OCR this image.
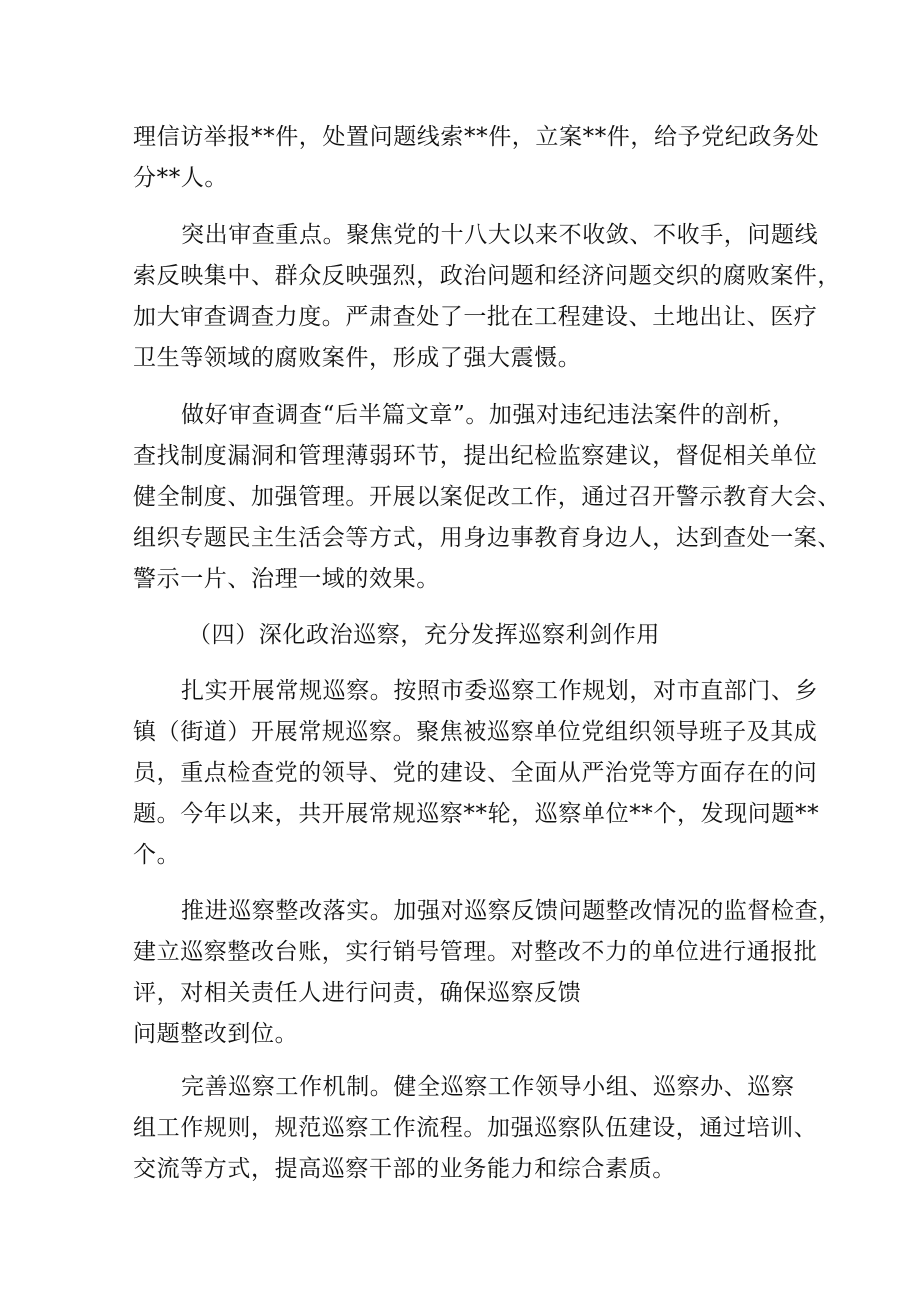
理信访举报**件，处置问题线索**件，立案**件，给予党纪政务处
分**人。
突出审查重点。聚焦党的十八大以来不收敛、不收手，问题线
索反映集中、群众反映强烈，政治问题和经济问题交织的腐败案件，
加大审查调查力度。严肃查处了一批在工程建设、土地出让、医疗
卫生等领域的腐败案件，形成了强大震慑。
做好审查调查“后半篇文章”。加强对违纪违法案件的剖析，
查找制度漏洞和管理薄弱环节，提出纪检监察建议，督促相关单位
健全制度、加强管理。开展以案促改工作，通过召开警示教育大会、
组织专题民主生活会等方式，用身边事教育身边人，达到查处一案、
警示一片、治理一域的效果。
（四）深化政治巡察，充分发挥巡察利剑作用
扎实开展常规巡察。按照市委巡察工作规划，对市直部门、乡
镇（街道）开展常规巡察。聚焦被巡察单位党组织领导班子及其成
员，重点检查党的领导、党的建设、全面从严治党等方面存在的问
题。今年以来，共开展常规巡察**轮，巡察单位**个，发现问题**
个。
推进巡察整改落实。加强对巡察反馈问题整改情况的监督检查，
建立巡察整改台账，实行销号管理。对整改不力的单位进行通报批
评，对相关责任人进行问责，确保巡察反馈
问题整改到位。
完善巡察工作机制。健全巡察工作领导小组、巡察办、巡察
组工作规则，规范巡察工作流程。加强巡察队伍建设，通过培训、
交流等方式，提高巡察干部的业务能力和综合素质。
